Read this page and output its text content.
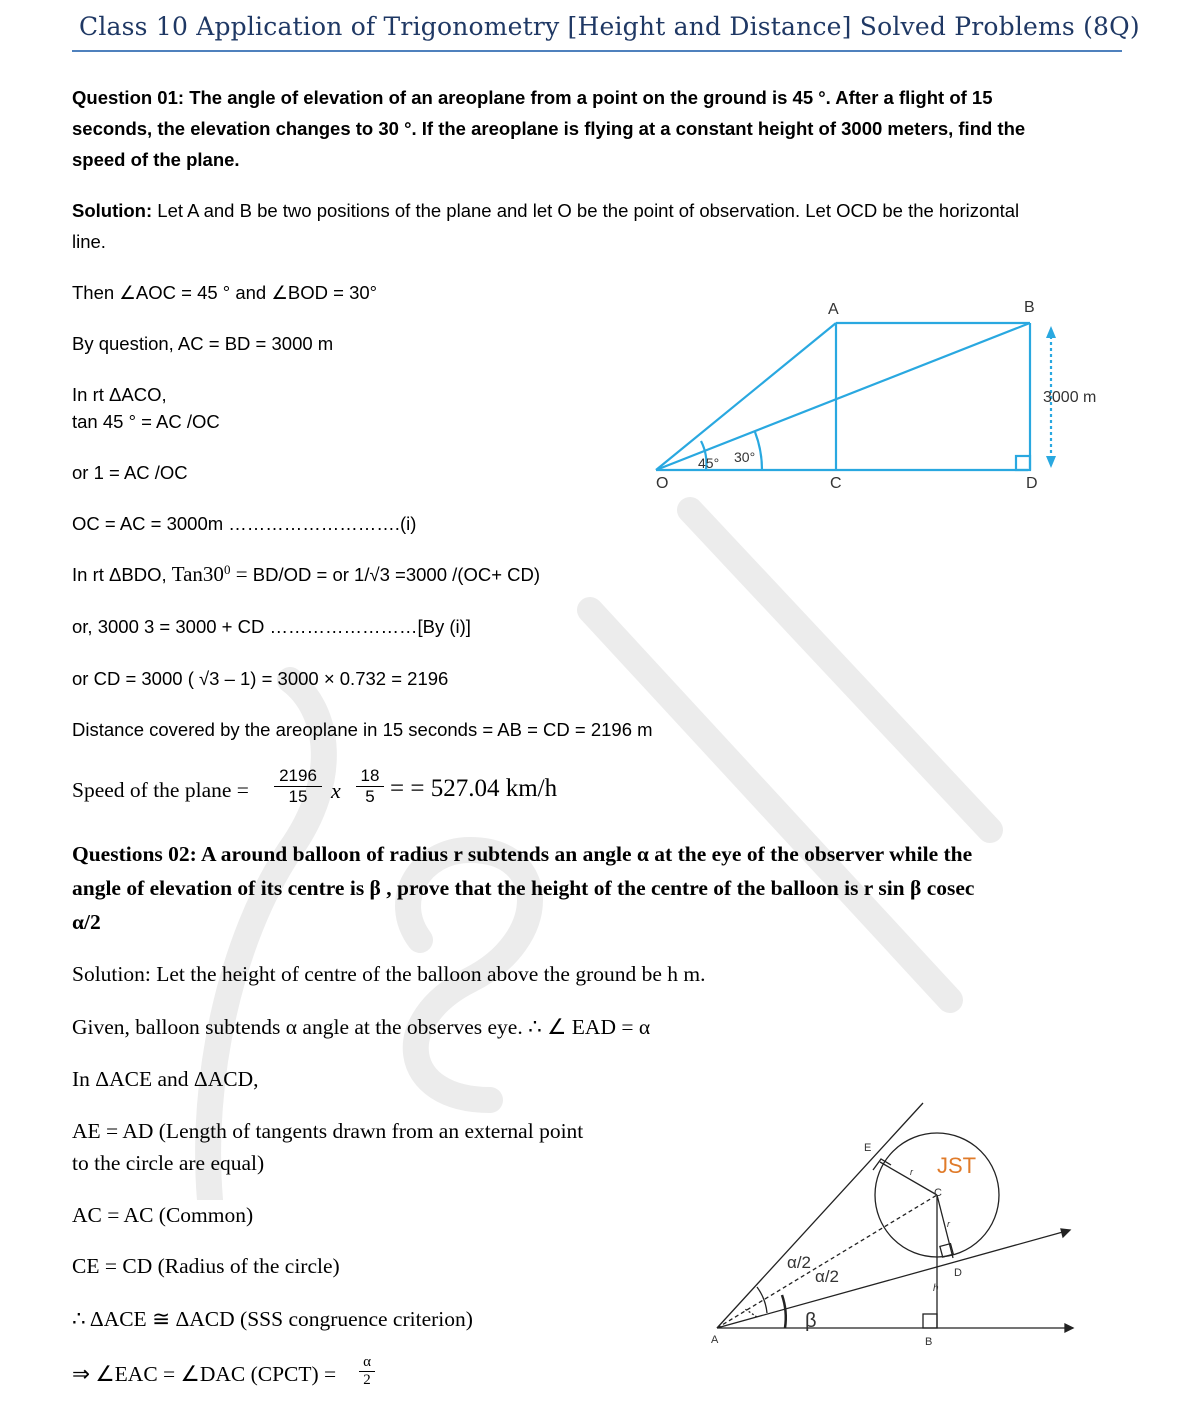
Class 10 Application of Trigonometry [Height and Distance] Solved Problems (8Q)
Question 01: The angle of elevation of an areoplane from a point on the ground is 45 °. After a flight of 15
seconds, the elevation changes to 30 °. If the areoplane is flying at a constant height of 3000 meters, find the
speed of the plane.
Solution: Let A and B be two positions of the plane and let O be the point of observation. Let OCD be the horizontal
line.
Then ∠AOC = 45 ° and ∠BOD = 30°
By question, AC = BD = 3000 m
In rt ΔACO,
tan 45 ° = AC /OC
or 1 = AC /OC
OC = AC = 3000m ……………………….(i)
In rt ΔBDO, $Tan30^0 = BD/OD$ = or 1/√3 =3000 /(OC+ CD)
or, 3000 3 = 3000 + CD ……………………[By (i)]
or CD = 3000 ( √3 – 1) = 3000 × 0.732 = 2196
Distance covered by the areoplane in 15 seconds = AB = CD = 2196 m
Speed of the plane = $\frac{2196}{15}$ x $\frac{18}{5}$ = = 527.04 km/h
A	B
C	D
O
45° 30°
3000 m
Questions 02: A around balloon of radius r subtends an angle α at the eye of the observer while the
angle of elevation of its centre is β , prove that the height of the centre of the balloon is r sin β cosec
α/2
Solution: Let the height of centre of the balloon above the ground be h m.
Given, balloon subtends α angle at the observes eye. ∴ ∠ EAD = α
In ΔACE and ΔACD,
AE = AD (Length of tangents drawn from an external point
to the circle are equal)
AC = AC (Common)
CE = CD (Radius of the circle)
∴ ΔACE ≅ ΔACD (SSS congruence criterion)
⇒ ∠EAC = ∠DAC (CPCT) = $\frac{\alpha}{2}$
A	B
C
D
E
h
r
r
α/2
α/2
β
JST
